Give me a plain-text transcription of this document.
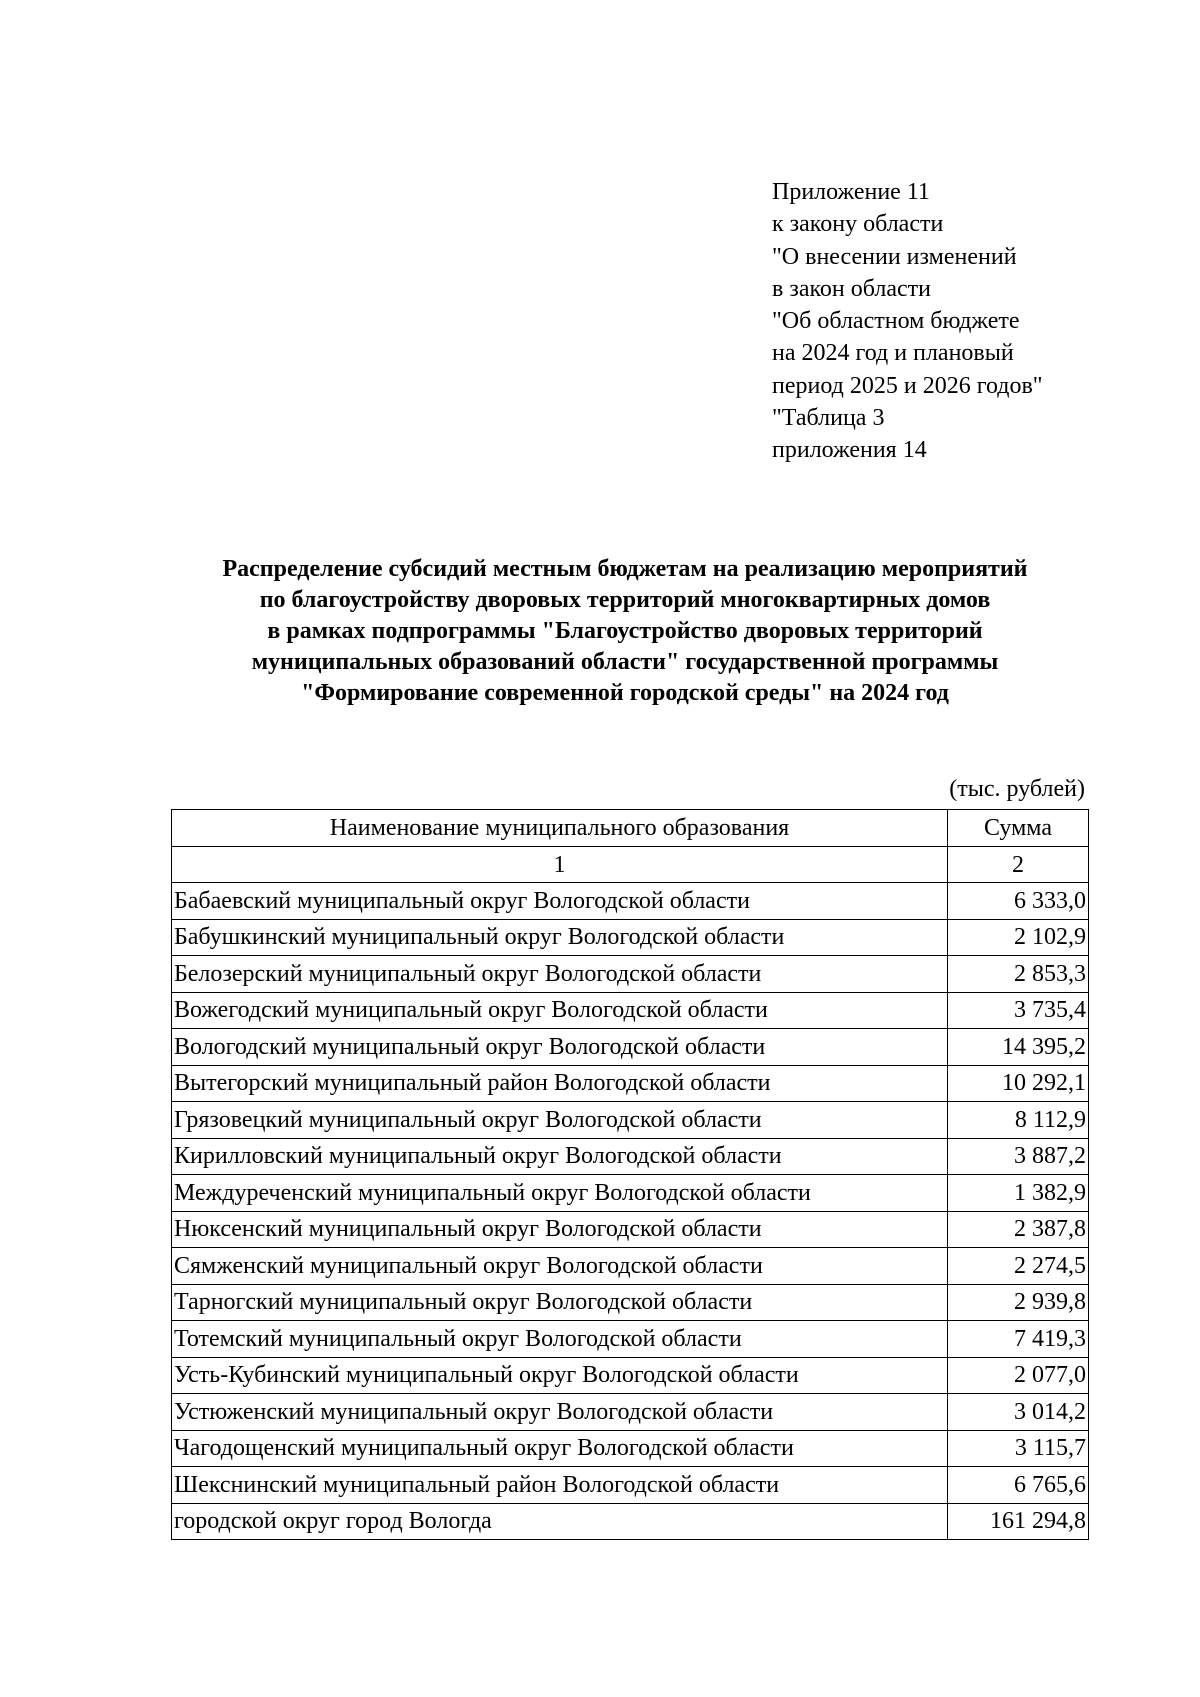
Приложение 11
к закону области
"О внесении изменений
в закон области
"Об областном бюджете
на 2024 год и плановый
период 2025 и 2026 годов"
"Таблица 3
приложения 14
Распределение субсидий местным бюджетам на реализацию мероприятий
по благоустройству дворовых территорий многоквартирных домов
в рамках подпрограммы "Благоустройство дворовых территорий
муниципальных образований области" государственной программы
"Формирование современной городской среды" на 2024 год
(тыс. рублей)
Наименование муниципального образования	Сумма
1	2
Бабаевский муниципальный округ Вологодской области	6 333,0
Бабушкинский муниципальный округ Вологодской области	2 102,9
Белозерский муниципальный округ Вологодской области	2 853,3
Вожегодский муниципальный округ Вологодской области	3 735,4
Вологодский муниципальный округ Вологодской области	14 395,2
Вытегорский муниципальный район Вологодской области	10 292,1
Грязовецкий муниципальный округ Вологодской области	8 112,9
Кирилловский муниципальный округ Вологодской области	3 887,2
Междуреченский муниципальный округ Вологодской области	1 382,9
Нюксенский муниципальный округ Вологодской области	2 387,8
Сямженский муниципальный округ Вологодской области	2 274,5
Тарногский муниципальный округ Вологодской области	2 939,8
Тотемский муниципальный округ Вологодской области	7 419,3
Усть-Кубинский муниципальный округ Вологодской области	2 077,0
Устюженский муниципальный округ Вологодской области	3 014,2
Чагодощенский муниципальный округ Вологодской области	3 115,7
Шекснинский муниципальный район Вологодской области	6 765,6
городской округ город Вологда	161 294,8
